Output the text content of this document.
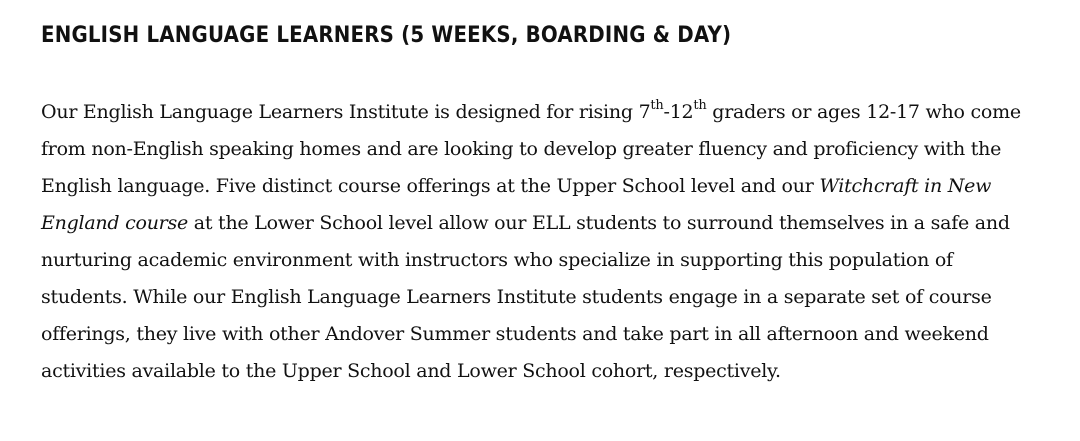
ENGLISH LANGUAGE LEARNERS (5 WEEKS, BOARDING & DAY)

Our English Language Learners Institute is designed for rising 7th-12th graders or ages 12-17 who come from non-English speaking homes and are looking to develop greater fluency and proficiency with the English language. Five distinct course offerings at the Upper School level and our Witchcraft in New England course at the Lower School level allow our ELL students to surround themselves in a safe and nurturing academic environment with instructors who specialize in supporting this population of students. While our English Language Learners Institute students engage in a separate set of course offerings, they live with other Andover Summer students and take part in all afternoon and weekend activities available to the Upper School and Lower School cohort, respectively.
